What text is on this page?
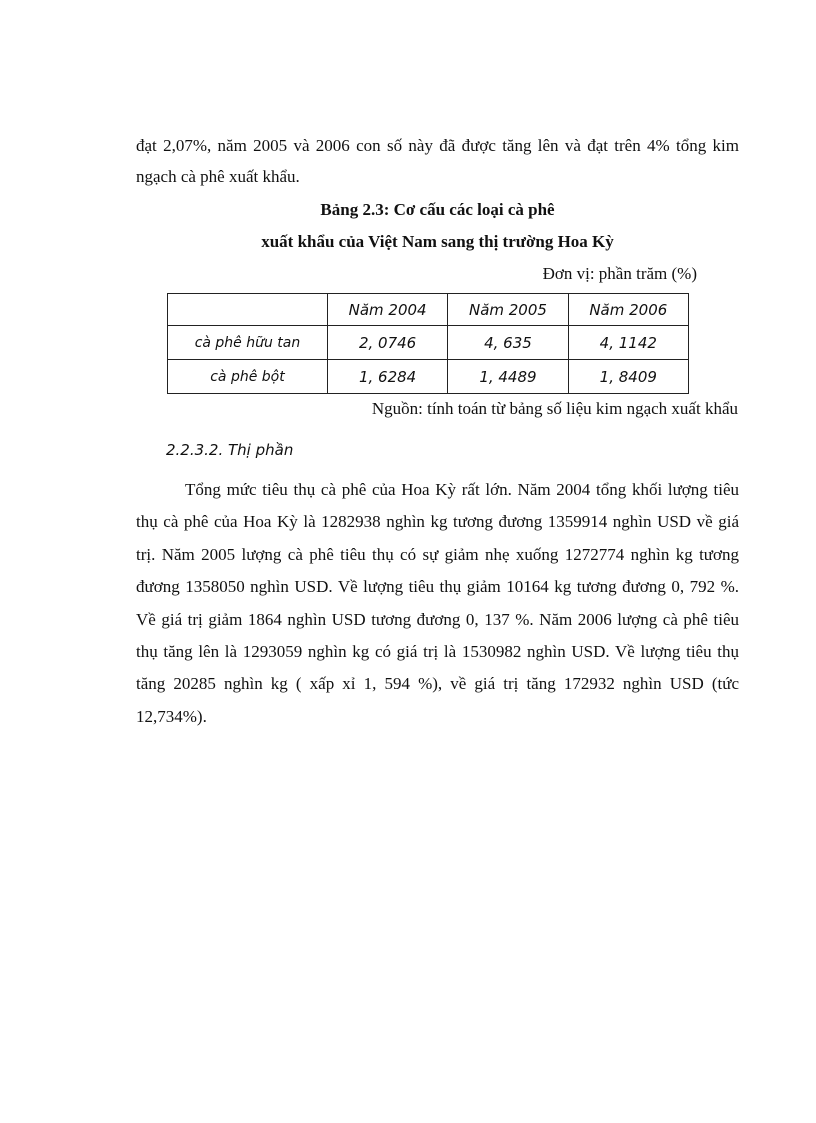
đạt 2,07%, năm 2005 và 2006 con số này đã được tăng lên và đạt trên 4% tổng kim ngạch cà phê xuất khẩu.

Bảng 2.3: Cơ cấu các loại cà phê

xuất khẩu của Việt Nam sang thị trường Hoa Kỳ

Đơn vị: phần trăm (%)

	Năm 2004	Năm 2005	Năm 2006
cà phê hữu tan	2, 0746	4, 635	4, 1142
cà phê bột	1, 6284	1, 4489	1, 8409

Nguồn: tính toán từ bảng số liệu kim ngạch xuất khẩu

2.2.3.2. Thị phần

Tổng mức tiêu thụ cà phê của Hoa Kỳ rất lớn. Năm 2004 tổng khối lượng tiêu thụ cà phê của Hoa Kỳ là 1282938 nghìn kg tương đương 1359914 nghìn USD về giá trị. Năm 2005 lượng cà phê tiêu thụ có sự giảm nhẹ xuống 1272774 nghìn kg tương đương 1358050 nghìn USD. Về lượng tiêu thụ giảm 10164 kg tương đương 0, 792 %. Về giá trị giảm 1864 nghìn USD tương đương 0, 137 %. Năm 2006 lượng cà phê tiêu thụ tăng lên là 1293059 nghìn kg có giá trị là 1530982 nghìn USD. Về lượng tiêu thụ tăng 20285 nghìn kg ( xấp xỉ 1, 594 %), về giá trị tăng 172932 nghìn USD (tức 12,734%).
